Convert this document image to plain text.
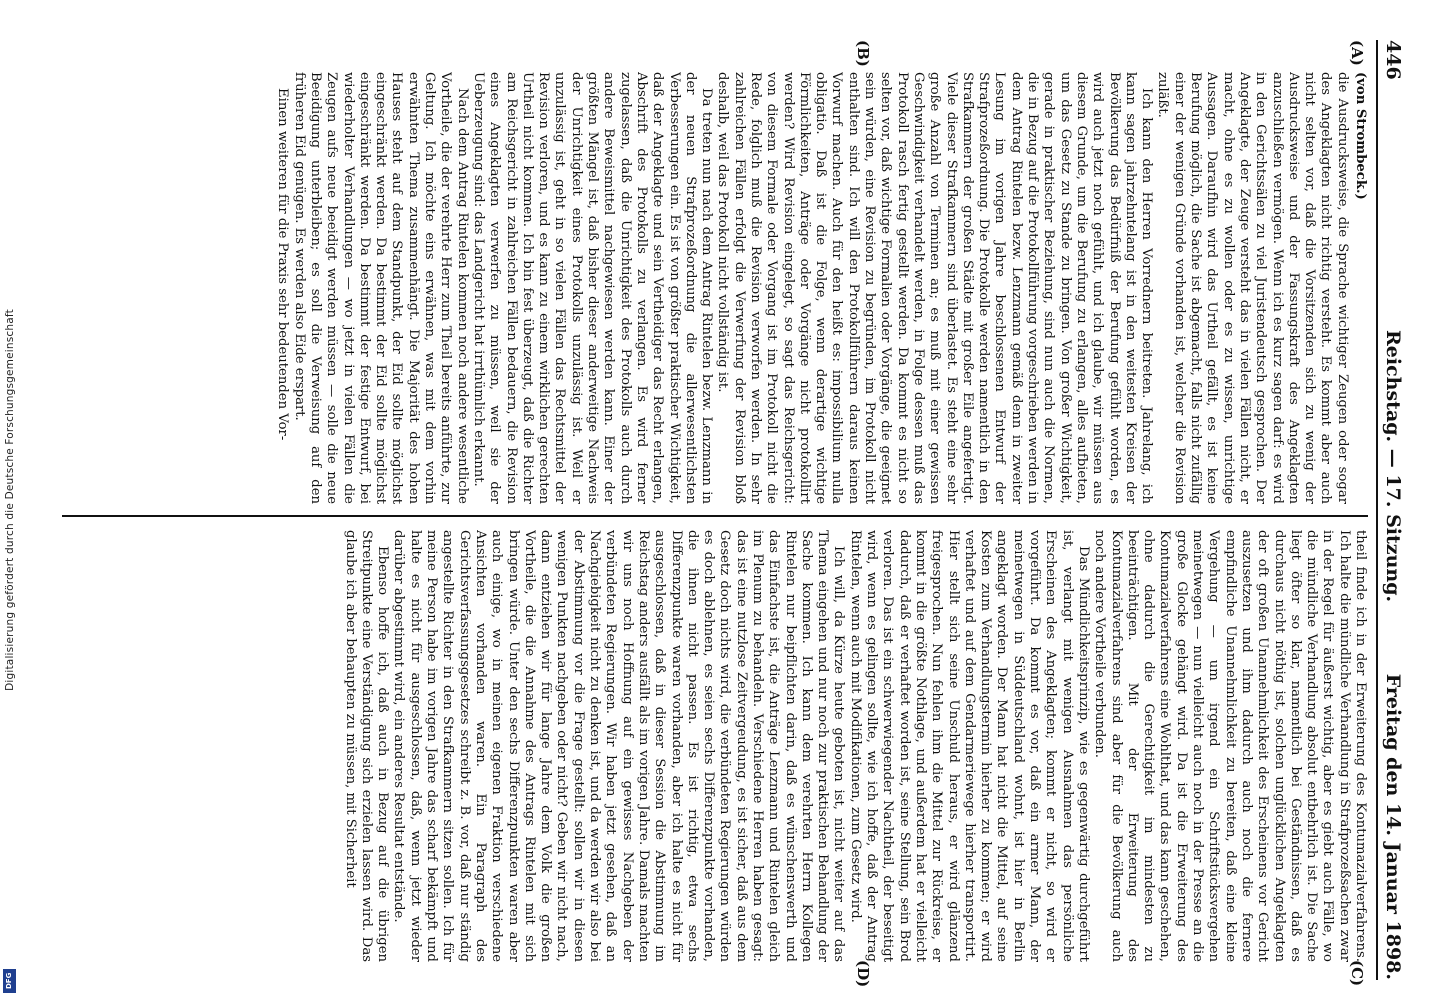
Digitalisierung gefördert durch die Deutsche Forschungsgemeinschaft
DFG
446
Reichstag. — 17. Sitzung.
Freitag den 14. Januar 1898.
(A)
(B)
(C)
(D)

(von Strombeck.)

die Ausdrucksweise, die Sprache wichtiger Zeugen oder sogar des Angeklagten nicht richtig versteht. Es kommt aber auch nicht selten vor, daß die Vorsitzenden sich zu wenig der Ausdrucksweise und der Fassungskraft des Angeklagten anzuschließen vermögen. Wenn ich es kurz sagen darf: es wird in den Gerichtssälen zu viel Juristendeutsch gesprochen. Der Angeklagte, der Zeuge versteht das in vielen Fällen nicht, er macht, ohne es zu wollen oder es zu wissen, unrichtige Aussagen. Daraufhin wird das Urtheil gefällt, es ist keine Berufung möglich, die Sache ist abgemacht, falls nicht zufällig einer der wenigen Gründe vorhanden ist, welcher die Revision zuläßt.

Ich kann den Herren Vorrednern beitreten. Jahrelang, ich kann sagen jahrzehntelang ist in den weitesten Kreisen der Bevölkerung das Bedürfniß der Berufung gefühlt worden, es wird auch jetzt noch gefühlt, und ich glaube, wir müssen aus diesem Grunde, um die Berufung zu erlangen, alles aufbieten, um das Gesetz zu Stande zu bringen. Von großer Wichtigkeit, gerade in praktischer Beziehung, sind nun auch die Normen, die in Bezug auf die Protokollführung vorgeschrieben werden in dem Antrag Rintelen bezw. Lenzmann gemäß denn in zweiter Lesung im vorigen Jahre beschlossenen Entwurf der Strafprozeßordnung. Die Protokolle werden namentlich in den Strafkammern der großen Städte mit großer Eile angefertigt. Viele dieser Strafkammern sind überlastet. Es steht eine sehr große Anzahl von Terminen an; es muß mit einer gewissen Geschwindigkeit verhandelt werden, in Folge dessen muß das Protokoll rasch fertig gestellt werden. Da kommt es nicht so selten vor, daß wichtige Formalien oder Vorgänge, die geeignet sein würden, eine Revision zu begründen, im Protokoll nicht enthalten sind. Ich will den Protokollführern daraus keinen Vorwurf machen. Auch für den heißt es: impossibilium nulla obligatio. Daß ist die Folge, wenn derartige wichtige Förmlichkeiten, Anträge oder Vorgänge nicht protokollirt werden? Wird Revision eingelegt, so sagt das Reichsgericht: von diesem Formale oder Vorgang ist im Protokoll nicht die Rede, folglich muß die Revision verworfen werden. In sehr zahlreichen Fällen erfolgt die Verwerfung der Revision bloß deshalb, weil das Protokoll nicht vollständig ist.

Da treten nun nach dem Antrag Rintelen bezw. Lenzmann in der neuen Strafprozeßordnung die allerwesentlichsten Verbesserungen ein. Es ist von größter praktischer Wichtigkeit, daß der Angeklagte und sein Vertheidiger das Recht erlangen, Abschrift des Protokolls zu verlangen. Es wird ferner zugelassen, daß die Unrichtigkeit des Protokolls auch durch andere Beweismittel nachgewiesen werden kann. Einer der größten Mängel ist, daß bisher dieser anderweitige Nachweis der Unrichtigkeit eines Protokolls unzulässig ist. Weil er unzulässig ist, geht in so vielen Fällen das Rechtsmittel der Revision verloren, und es kann zu einem wirklichen gerechten Urtheil nicht kommen. Ich bin fest überzeugt, daß die Richter am Reichsgericht in zahlreichen Fällen bedauern, die Revision eines Angeklagten verwerfen zu müssen, weil sie der Ueberzeugung sind: das Landgericht hat irrthümlich erkannt.

Nach dem Antrag Rintelen kommen noch andere wesentliche Vortheile, die der verehrte Herr zum Theil bereits anführte, zur Geltung. Ich möchte eins erwähnen, was mit dem vorhin erwähnten Thema zusammenhängt. Die Majorität des hohen Hauses steht auf dem Standpunkt, der Eid sollte möglichst eingeschränkt werden. Da bestimmt der Eid sollte möglichst eingeschränkt werden. Da bestimmt der festige Entwurf, bei wiederholter Verhandlungen — wo jetzt in vielen Fällen die Zeugen aufs neue beeidigt werden müssen — solle die neue Beeidigung unterbleiben; es soll die Verweisung auf den früheren Eid genügen. Es werden also Eide erspart.

Einen weiteren für die Praxis sehr bedeutenden Vor-

theil finde ich in der Erweiterung des Kontumazialverfahrens. Ich halte die mündliche Verhandlung in Strafprozeßsachen zwar in der Regel für äußerst wichtig, aber es giebt auch Fälle, wo die mündliche Verhandlung absolut entbehrlich ist. Die Sache liegt öfter so klar, namentlich bei Geständnissen, daß es durchaus nicht nöthig ist, solchen unglücklichen Angeklagten der oft großen Unannehmlichkeit des Erscheinens vor Gericht auszusetzen und ihm dadurch auch noch die fernere empfindliche Unannehmlichkeit zu bereiten, daß eine kleine Vergehung — um irgend ein Schriftstücksvergehen meinetwegen — nun vielleicht auch noch in der Presse an die große Glocke gehängt wird. Da ist die Erweiterung des Kontumazialverfahrens eine Wohlthat, und das kann geschehen, ohne dadurch die Gerechtigkeit im mindesten zu beeinträchtigen. Mit der Erweiterung des Kontumazialverfahrens sind aber für die Bevölkerung auch noch andere Vortheile verbunden.

Das Mündlichkeitsprinzip, wie es gegenwärtig durchgeführt ist, verlangt mit wenigen Ausnahmen das persönliche Erscheinen des Angeklagten; kommt er nicht, so wird er vorgeführt. Da kommt es vor, daß ein armer Mann, der meinetwegen in Süddeutschland wohnt, ist hier in Berlin angeklagt worden. Der Mann hat nicht die Mittel, auf seine Kosten zum Verhandlungstermin hierher zu kommen; er wird verhaftet und auf dem Gendarmeriewege hierher transportirt. Hier stellt sich seine Unschuld heraus, er wird glänzend freigesprochen. Nun fehlen ihm die Mittel zur Rückreise, er kommt in die größte Nothlage, und außerdem hat er vielleicht dadurch, daß er verhaftet worden ist, seine Stellung, sein Brod verloren. Das ist ein schwerwiegender Nachtheil, der beseitigt wird, wenn es gelingen sollte, wie ich hoffe, daß der Antrag Rintelen, wenn auch mit Modifikationen, zum Gesetz wird.

Ich will, da Kürze heute geboten ist, nicht weiter auf das Thema eingehen und nur noch zur praktischen Behandlung der Sache kommen. Ich kann dem verehrten Herrn Kollegen Rintelen nur beipflichten darin, daß es wünschenswerth und das Einfachste ist, die Anträge Lenzmann und Rintelen gleich im Plenum zu behandeln. Verschiedene Herren haben gesagt: das ist eine nutzlose Zeitvergeudung, es ist sicher, daß aus dem Gesetz doch nichts wird, die verbündeten Regierungen würden es doch ablehnen, es seien sechs Differenzpunkte vorhanden, die ihnen nicht passen. Es ist richtig, etwa sechs Differenzpunkte waren vorhanden, aber ich halte es nicht für ausgeschlossen, daß in dieser Session die Abstimmung im Reichstag anders ausfällt als im vorigen Jahre. Damals machten wir uns noch Hoffnung auf ein gewisses Nachgeben der verbündeten Regierungen. Wir haben jetzt gesehen, daß an Nachgiebigkeit nicht zu denken ist, und da werden wir also bei der Abstimmung vor die Frage gestellt: sollen wir in diesen wenigen Punkten nachgeben oder nicht? Geben wir nicht nach, dann entziehen wir für lange Jahre dem Volk die großen Vortheile, die die Annahme des Antrags Rintelen mit sich bringen würde. Unter den sechs Differenzpunkten waren aber auch einige, wo in meinen eigenen Fraktion verschiedene Ansichten vorhanden waren. Ein Paragraph des Gerichtsverfassungsgesetzes schreibt z. B. vor, daß nur ständig angestellte Richter in den Strafkammern sitzen sollen. Ich für meine Person habe im vorigen Jahre das scharf bekämpft und halte es nicht für ausgeschlossen, daß, wenn jetzt wieder darüber abgestimmt wird, ein anderes Resultat entstände.

Ebenso hoffe ich, daß auch in Bezug auf die übrigen Streitpunkte eine Verständigung sich erzielen lassen wird. Das glaube ich aber behaupten zu müssen, mit Sicherheit
